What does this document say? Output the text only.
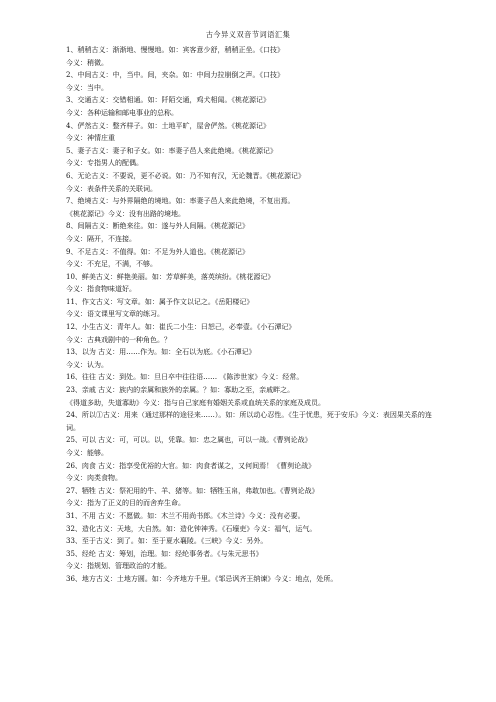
古今异义双音节词语汇集
1、稍稍古义：渐渐地、慢慢地。如：宾客意少舒，稍稍正坐。《口技》
今义：稍微。
2、中间古义：中，当中。间，夹杂。如：中间力拉崩倒之声。《口技》
今义：当中。
3、交通古义：交错相通。如：阡陌交通，鸡犬相闻。《桃花源记》
今义：各种运输和邮电事业的总称。
4、俨然古义：整齐样子。如：土地平旷，屋舍俨然。《桃花源记》
今义：神情庄重
5、妻子古义：妻子和子女。如：率妻子邑人来此绝境。《桃花源记》
今义：专指男人的配偶。
6、无论古义：不要说，更不必说。如：乃不知有汉，无论魏晋。《桃花源记》
今义：表条件关系的关联词。
7、绝境古义：与外界隔绝的境地。如：率妻子邑人来此绝境，不复出焉。
《桃花源记》今义：没有出路的境地。
8、间隔古义：断绝来往。如：遂与外人间隔。《桃花源记》
今义：隔开，不连接。
9、不足古义：不值得。如：不足为外人道也。《桃花源记》
今义：不充足，不满，不够。
10、鲜美古义：鲜艳美丽。如：芳草鲜美，落英缤纷。《桃花源记》
今义：指食物味道好。
11、作文古义：写文章。如：属予作文以记之。《岳阳楼记》
今义：语文课里写文章的练习。
12、小生古义：青年人。如：崔氏二小生：曰恕己，必奉壹。《小石潭记》
今义：古典戏剧中的一种角色。？
13、以为 古义：用……作为。如：全石以为底。《小石潭记》
今义：认为。
16、往往 古义：到处。如：旦日卒中往往语…… 《陈涉世家》今义：经常。
23、亲戚 古义：族内的亲属和族外的亲属。？如：寡助之至，亲戚畔之。
《得道多助，失道寡助》今义：指与自己家庭有婚姻关系或血统关系的家庭及成员。
24、所以①古义：用来（通过那样的途径来……）。如：所以动心忍性。《生于忧患，死于安乐》今义：表因果关系的连词。
25、可以 古义：可，可以。以，凭靠。如：忠之属也，可以一战。《曹刿论战》
今义：能够。
26、肉食 古义：指享受优裕的大官。如：肉食者谋之，又何间焉！《曹刿论战》
今义：肉类食物。
27、牺牲 古义：祭祀用的牛、羊、猪等。如：牺牲玉帛，弗敢加也。《曹刿论战》
今义：指为了正义的目的而舍弃生命。
31、不用 古义：不愿做。如：木兰不用尚书郎。《木兰诗》今义：没有必要。
32、造化古义：天地，大自然。如：造化钟神秀。《石壕吏》今义：福气，运气。
33、至于古义：到了。如：至于夏水襄陵。《三峡》今义：另外。
35、经纶 古义：筹划，治理。如：经纶事务者。《与朱元思书》
今义：指规划、管理政治的才能。
36、地方古义：土地方圆。如：今齐地方千里。《邹忌讽齐王纳谏》今义：地点，处所。
